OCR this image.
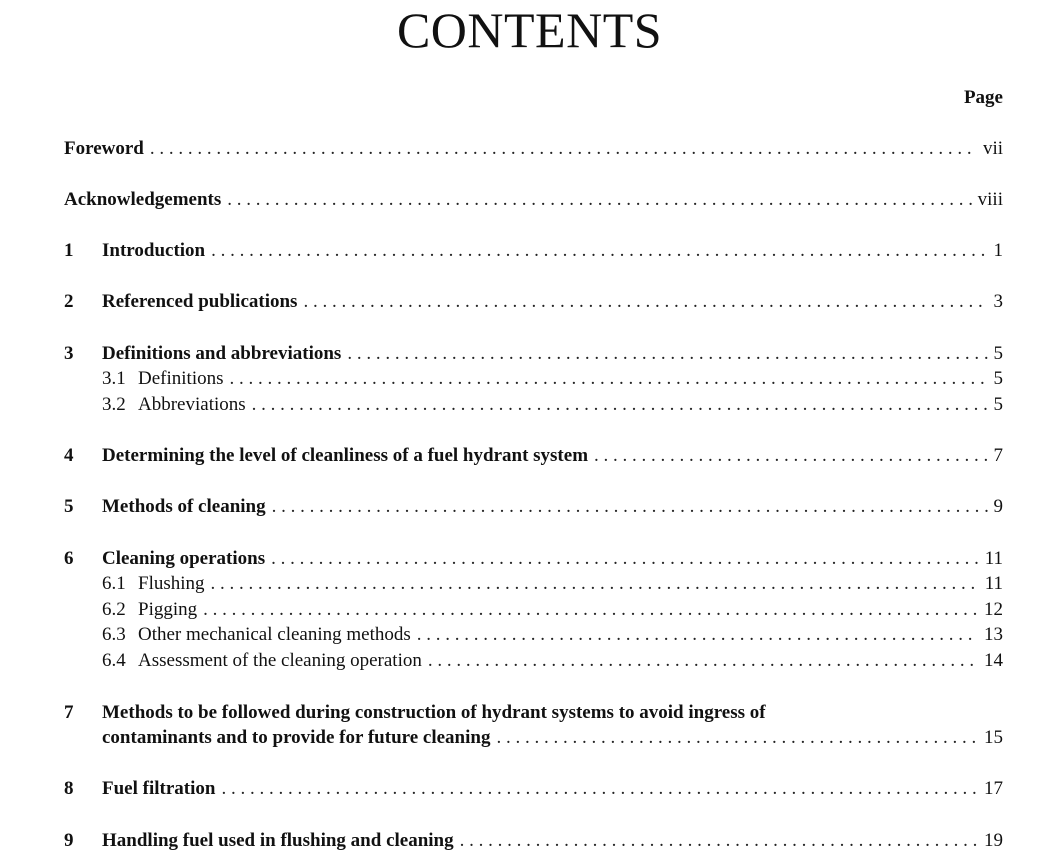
CONTENTS
Page
Foreword . . .	vii
Acknowledgements . . .	viii
1	Introduction . . .	1
2	Referenced publications . . .	3
3	Definitions and abbreviations . . .	5
3.1 Definitions . . .	5
3.2 Abbreviations . . .	5
4	Determining the level of cleanliness of a fuel hydrant system . . .	7
5	Methods of cleaning . . .	9
6	Cleaning operations . . .	11
6.1 Flushing . . .	11
6.2 Pigging . . .	12
6.3 Other mechanical cleaning methods . . .	13
6.4 Assessment of the cleaning operation . . .	14
7	Methods to be followed during construction of hydrant systems to avoid ingress of
contaminants and to provide for future cleaning . . .	15
8	Fuel filtration . . .	17
9	Handling fuel used in flushing and cleaning . . .	19
